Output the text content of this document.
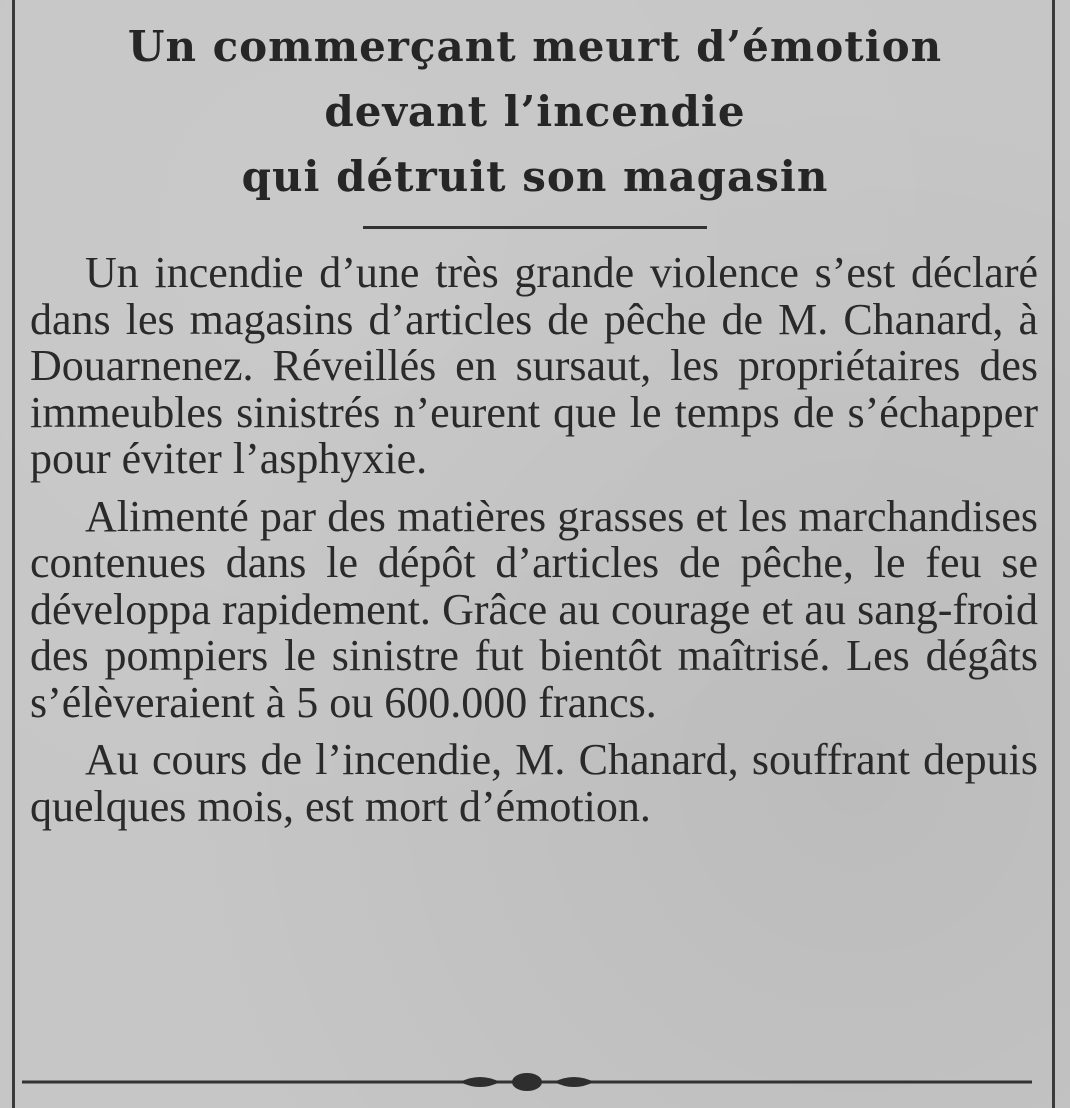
Un commerçant meurt d’émotion
devant l’incendie
qui détruit son magasin

Un incendie d’une très grande violence s’est déclaré dans les magasins d’articles de pêche de M. Chanard, à Douarnenez. Réveillés en sursaut, les propriétaires des immeubles sinistrés n’eurent que le temps de s’échapper pour éviter l’asphyxie.

Alimenté par des matières grasses et les marchandises contenues dans le dépôt d’articles de pêche, le feu se développa rapidement. Grâce au courage et au sang-froid des pompiers le sinistre fut bientôt maîtrisé. Les dégâts s’élèveraient à 5 ou 600.000 francs.

Au cours de l’incendie, M. Chanard, souffrant depuis quelques mois, est mort d’émotion.
